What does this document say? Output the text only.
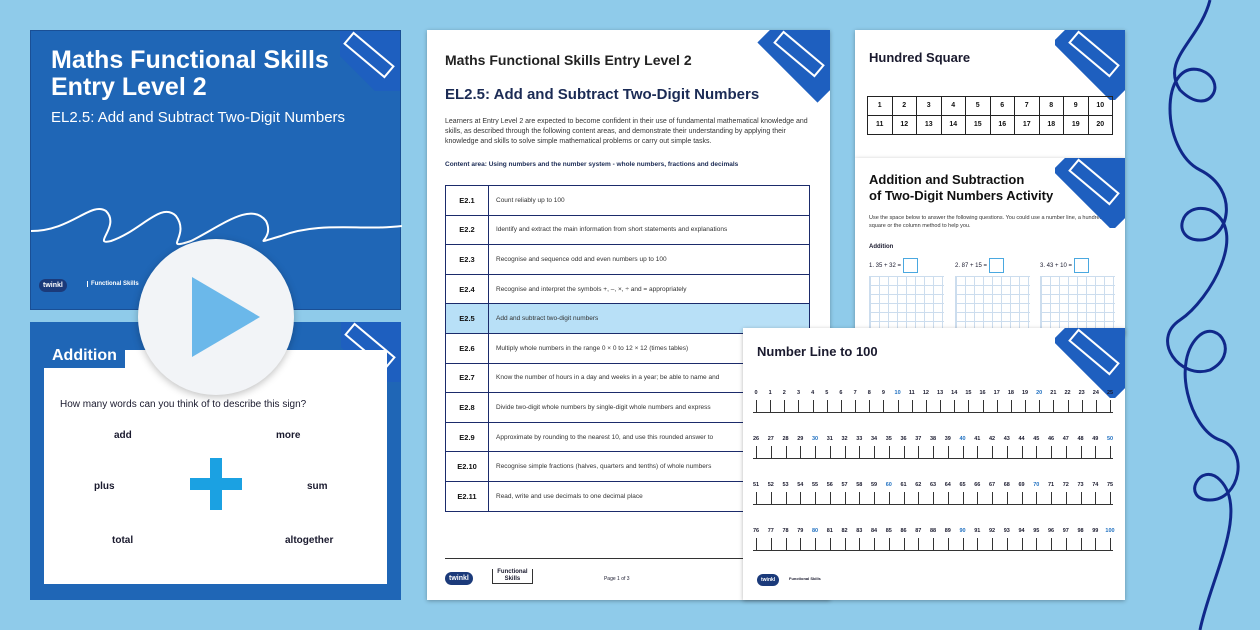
Maths Functional Skills Entry Level 2
EL2.5: Add and Subtract Two-Digit Numbers
twinkl	Functional Skills
Addition
How many words can you think of to describe this sign?
add	more
plus	sum
total	altogether
Maths Functional Skills Entry Level 2
EL2.5: Add and Subtract Two-Digit Numbers

Learners at Entry Level 2 are expected to become confident in their use of fundamental mathematical knowledge and skills, as described through the following content areas, and demonstrate their understanding by applying their knowledge and skills to solve simple mathematical problems or carry out simple tasks.

Content area: Using numbers and the number system - whole numbers, fractions and decimals
E2.1	Count reliably up to 100
E2.2	Identify and extract the main information from short statements and explanations
E2.3	Recognise and sequence odd and even numbers up to 100
E2.4	Recognise and interpret the symbols +, –, ×, ÷ and = appropriately
E2.5	Add and subtract two-digit numbers
E2.6	Multiply whole numbers in the range 0 × 0 to 12 × 12 (times tables)
E2.7	Know the number of hours in a day and weeks in a year; be able to name and
E2.8	Divide two-digit whole numbers by single-digit whole numbers and express
E2.9	Approximate by rounding to the nearest 10, and use this rounded answer to
E2.10	Recognise simple fractions (halves, quarters and tenths) of whole numbers
E2.11	Read, write and use decimals to one decimal place
twinkl Functional
Skills	Page 1 of 3
Hundred Square
1	2	3	4	5	6	7	8	9	10
11	12	13	14	15	16	17	18	19	20
Addition and Subtraction
of Two-Digit Numbers Activity

Use the space below to answer the following questions. You could use a number line, a hundred square or the column method to help you.

Addition
1. 35 + 32 =	2. 87 + 15 =	3. 43 + 10 =
Number Line to 100
0 1 2 3 4 5 6 7 8 9 10 11 12 13 14 15 16 17 18 19 20 21 22 23 24 25
26 27 28 29 30 31 32 33 34 35 36 37 38 39 40 41 42 43 44 45 46 47 48 49 50
51 52 53 54 55 56 57 58 59 60 61 62 63 64 65 66 67 68 69 70 71 72 73 74 75
76 77 78 79 80 81 82 83 84 85 86 87 88 89 90 91 92 93 94 95 96 97 98 99 100
twinkl	Functional Skills
